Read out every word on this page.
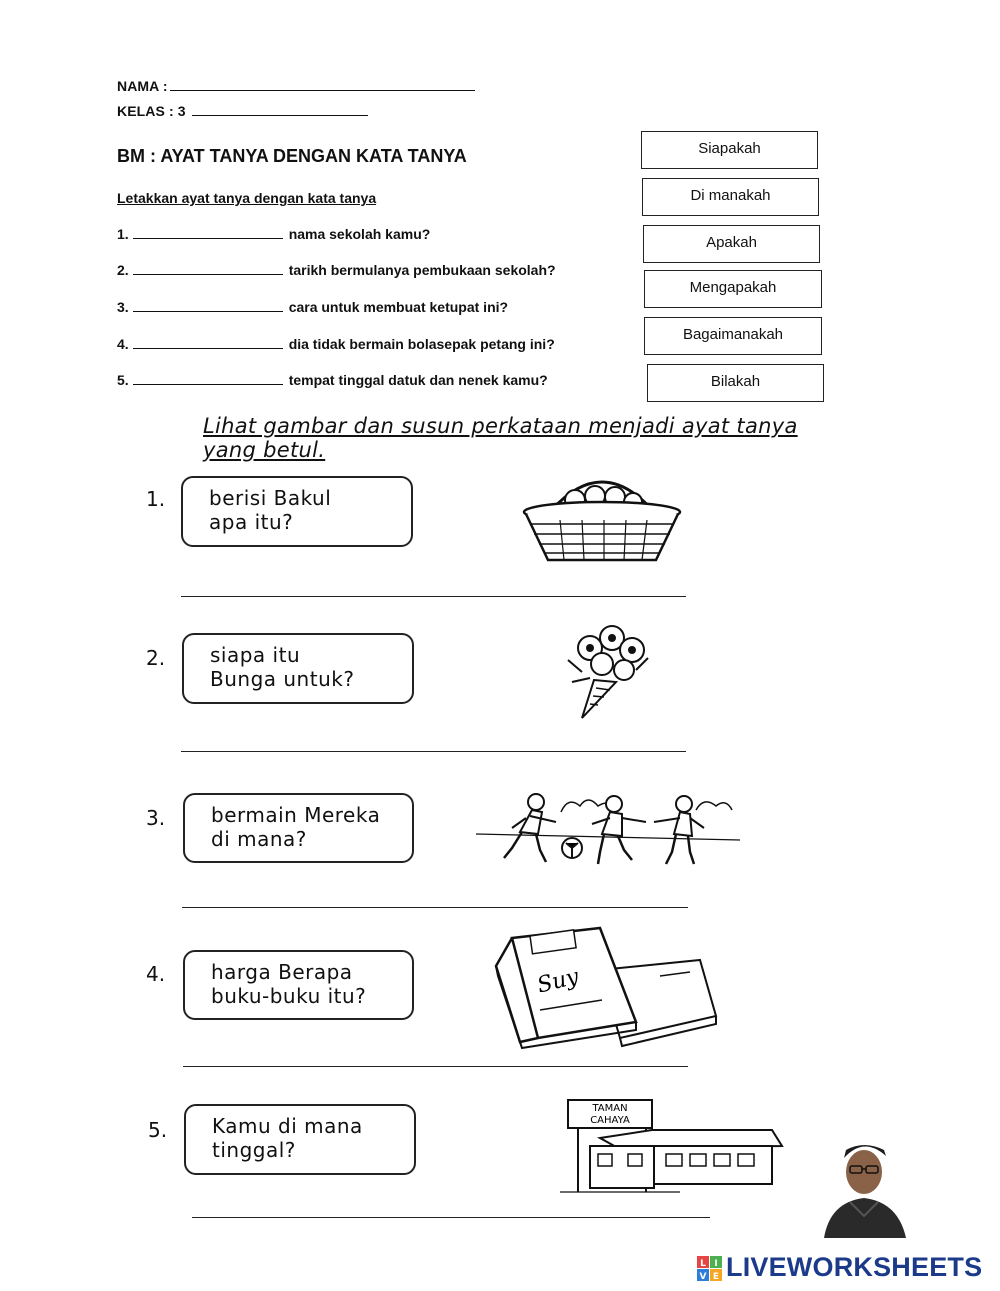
NAMA :
KELAS : 3
BM : AYAT TANYA DENGAN KATA TANYA
Letakkan ayat tanya dengan kata tanya
1.	nama sekolah kamu?
2.	tarikh bermulanya pembukaan sekolah?
3.	cara untuk membuat ketupat ini?
4.	dia tidak bermain bolasepak petang ini?
5.	tempat tinggal datuk dan nenek kamu?
Siapakah
Di manakah
Apakah
Mengapakah
Bagaimanakah
Bilakah
Lihat gambar dan susun perkataan menjadi ayat tanya
yang betul.
1. berisi Bakul
apa itu?
2. siapa itu
Bunga untuk?
3. bermain Mereka
di mana?
4. harga Berapa
buku-buku itu?	Suy
5. Kamu di mana
tinggal?
TAMAN
CAHAYA
L I
V E LIVEWORKSHEETS
